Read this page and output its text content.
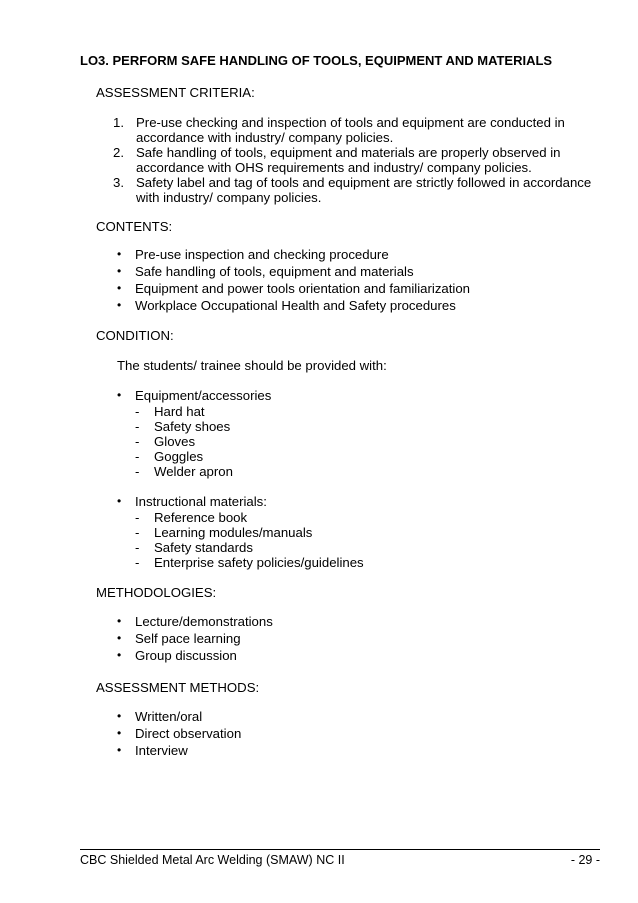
LO3. PERFORM SAFE HANDLING OF TOOLS, EQUIPMENT AND MATERIALS
ASSESSMENT CRITERIA:
1. Pre-use checking and inspection of tools and equipment are conducted in accordance with industry/ company policies.
2. Safe handling of tools, equipment and materials are properly observed in accordance with OHS requirements and industry/ company policies.
3. Safety label and tag of tools and equipment are strictly followed in accordance with industry/ company policies.
CONTENTS:
•	Pre-use inspection and checking procedure
•	Safe handling of tools, equipment and materials
•	Equipment and power tools orientation and familiarization
•	Workplace Occupational Health and Safety procedures
CONDITION:
The students/ trainee should be provided with:
•	Equipment/accessories
-	Hard hat
-	Safety shoes
-	Gloves
-	Goggles
-	Welder apron
•	Instructional materials:
-	Reference book
-	Learning modules/manuals
-	Safety standards
-	Enterprise safety policies/guidelines
METHODOLOGIES:
•	Lecture/demonstrations
•	Self pace learning
•	Group discussion
ASSESSMENT METHODS:
•	Written/oral
•	Direct observation
•	Interview
CBC Shielded Metal Arc Welding (SMAW) NC II	- 29 -
